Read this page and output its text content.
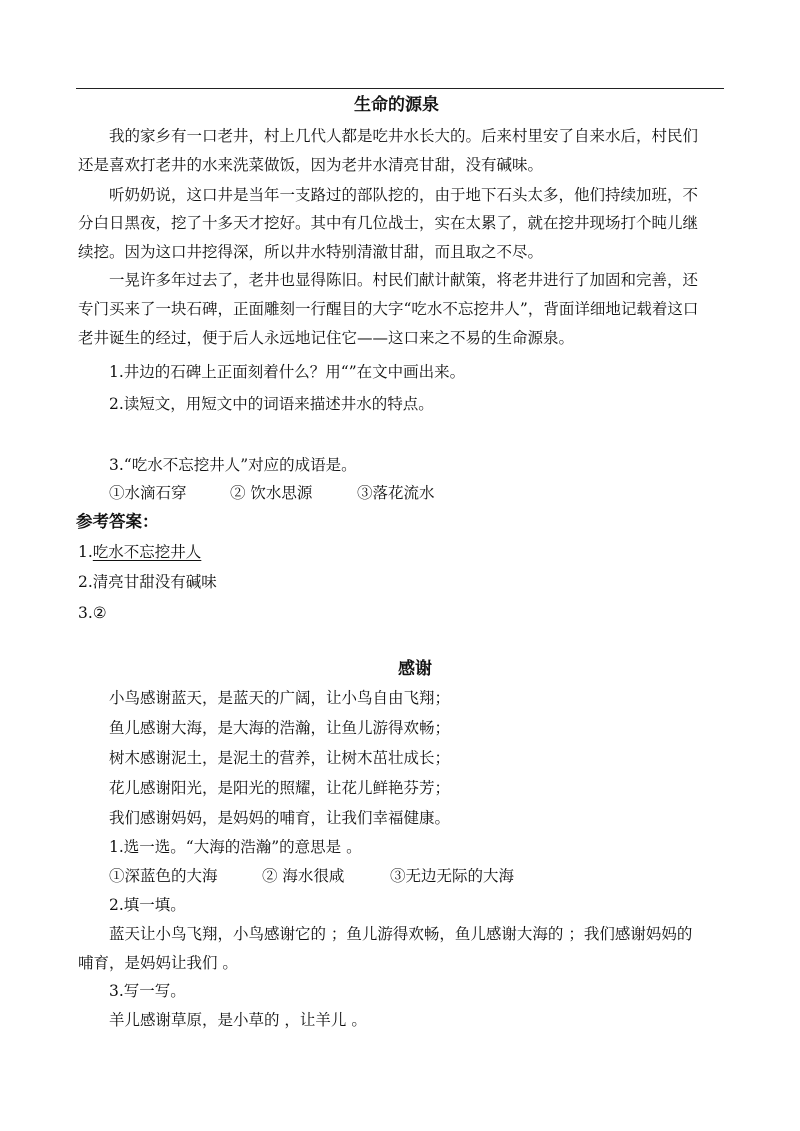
生命的源泉
我的家乡有一口老井，村上几代人都是吃井水长大的。后来村里安了自来水后，村民们
还是喜欢打老井的水来洗菜做饭，因为老井水清亮甘甜，没有碱味。
听奶奶说，这口井是当年一支路过的部队挖的，由于地下石头太多，他们持续加班，不
分白日黑夜，挖了十多天才挖好。其中有几位战士，实在太累了，就在挖井现场打个盹儿继
续挖。因为这口井挖得深，所以井水特别清澈甘甜，而且取之不尽。
一晃许多年过去了，老井也显得陈旧。村民们献计献策，将老井进行了加固和完善，还
专门买来了一块石碑，正面雕刻一行醒目的大字“吃水不忘挖井人”，背面详细地记载着这口
老井诞生的经过，便于后人永远地记住它——这口来之不易的生命源泉。
1.井边的石碑上正面刻着什么？用“”在文中画出来。
2.读短文，用短文中的词语来描述井水的特点。
3.“吃水不忘挖井人”对应的成语是。
①水滴石穿	② 饮水思源	③落花流水
参考答案：
1.吃水不忘挖井人
2.清亮甘甜没有碱味
3.②
感谢
小鸟感谢蓝天，是蓝天的广阔，让小鸟自由飞翔；
鱼儿感谢大海，是大海的浩瀚，让鱼儿游得欢畅；
树木感谢泥土，是泥土的营养，让树木茁壮成长；
花儿感谢阳光，是阳光的照耀，让花儿鲜艳芬芳；
我们感谢妈妈，是妈妈的哺育，让我们幸福健康。
1.选一选。“大海的浩瀚”的意思是 。
①深蓝色的大海	② 海水很咸	③无边无际的大海
2.填一填。
蓝天让小鸟飞翔，小鸟感谢它的 ；鱼儿游得欢畅，鱼儿感谢大海的 ；我们感谢妈妈的
哺育，是妈妈让我们 。
3.写一写。
羊儿感谢草原，是小草的 ，让羊儿 。
